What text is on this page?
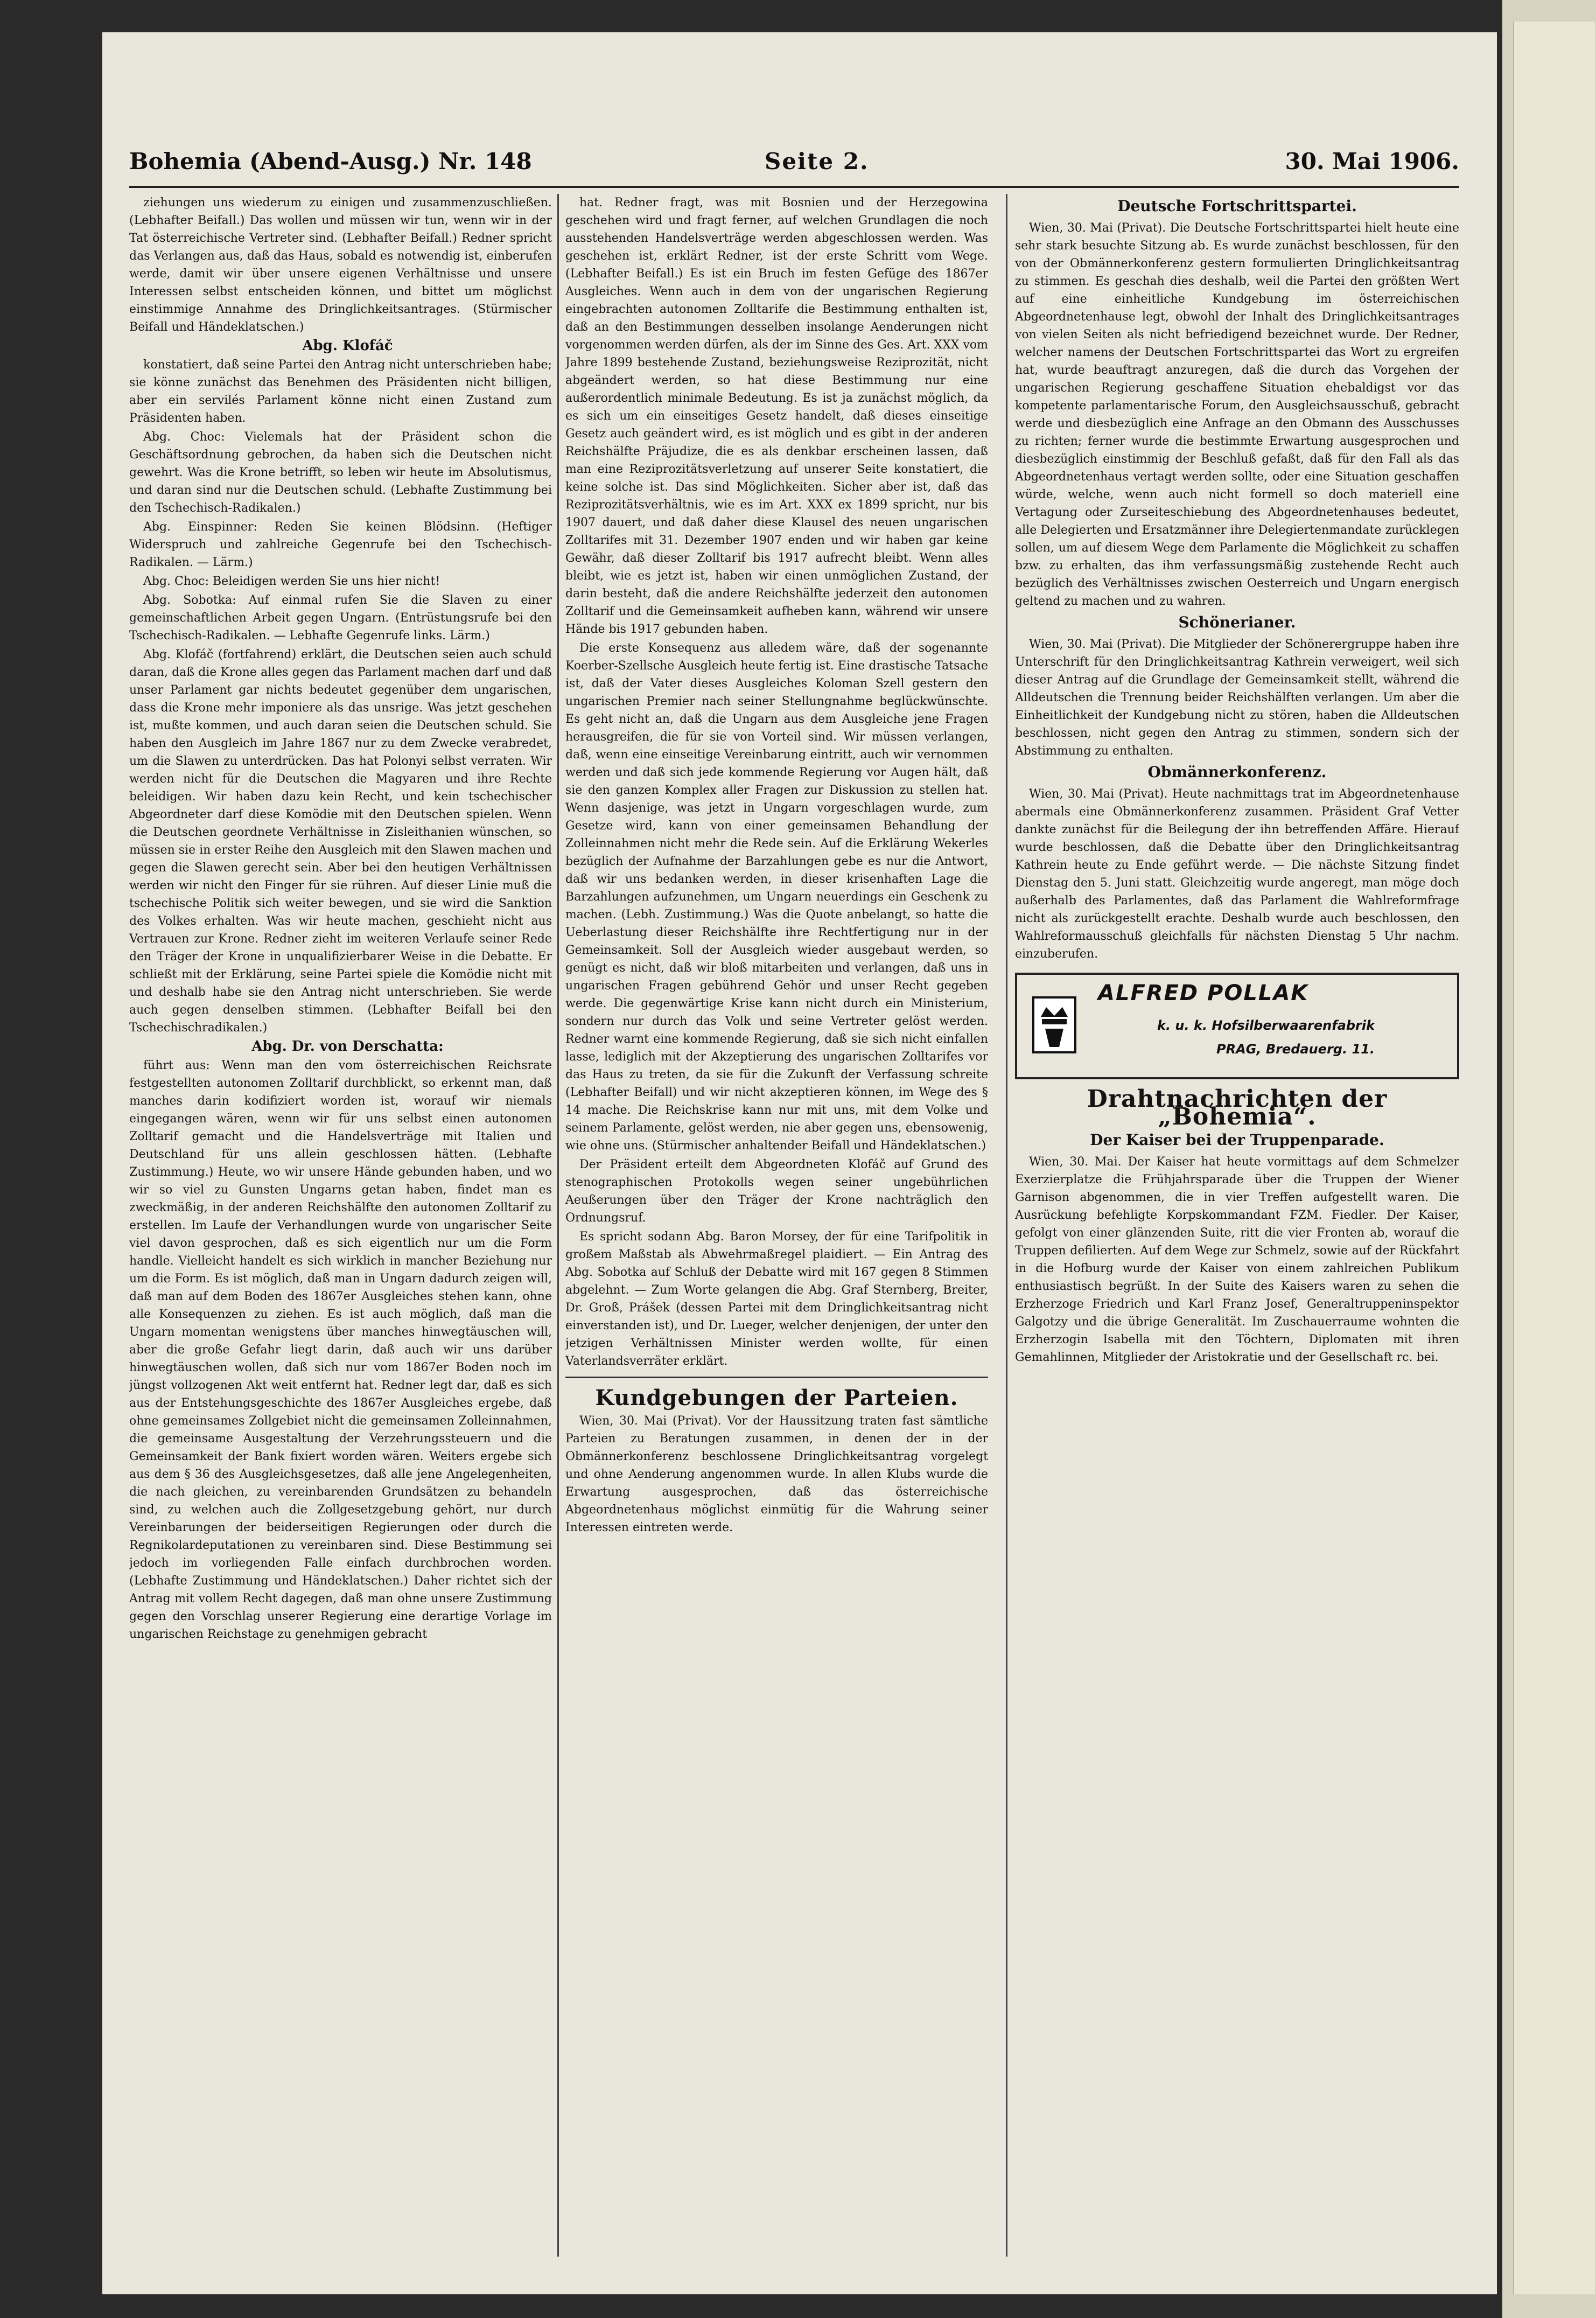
Bohemia (Abend-Ausg.) Nr. 148	Seite 2.	30. Mai 1906.

ziehungen uns wiederum zu einigen und zusammenzuschließen. (Lebhafter Beifall.) Das wollen und müssen wir tun, wenn wir in der Tat österreichische Vertreter sind. (Lebhafter Beifall.) Redner spricht das Verlangen aus, daß das Haus, sobald es notwendig ist, einberufen werde, damit wir über unsere eigenen Verhältnisse und unsere Interessen selbst entscheiden können, und bittet um möglichst einstimmige Annahme des Dringlichkeitsantrages. (Stürmischer Beifall und Händeklatschen.)

Abg. Klofáč

konstatiert, daß seine Partei den Antrag nicht unterschrieben habe; sie könne zunächst das Benehmen des Präsidenten nicht billigen, aber ein servilés Parlament könne nicht einen Zustand zum Präsidenten haben.

Abg. Choc: Vielemals hat der Präsident schon die Geschäftsordnung gebrochen, da haben sich die Deutschen nicht gewehrt. Was die Krone betrifft, so leben wir heute im Absolutismus, und daran sind nur die Deutschen schuld. (Lebhafte Zustimmung bei den Tschechisch-Radikalen.)

Abg. Einspinner: Reden Sie keinen Blödsinn. (Heftiger Widerspruch und zahlreiche Gegenrufe bei den Tschechisch-Radikalen. — Lärm.)

Abg. Choc: Beleidigen werden Sie uns hier nicht!

Abg. Sobotka: Auf einmal rufen Sie die Slaven zu einer gemeinschaftlichen Arbeit gegen Ungarn. (Entrüstungsrufe bei den Tschechisch-Radikalen. — Lebhafte Gegenrufe links. Lärm.)

Abg. Klofáč (fortfahrend) erklärt, die Deutschen seien auch schuld daran, daß die Krone alles gegen das Parlament machen darf und daß unser Parlament gar nichts bedeutet gegenüber dem ungarischen, dass die Krone mehr imponiere als das unsrige. Was jetzt geschehen ist, mußte kommen, und auch daran seien die Deutschen schuld. Sie haben den Ausgleich im Jahre 1867 nur zu dem Zwecke verabredet, um die Slawen zu unterdrücken. Das hat Polonyi selbst verraten. Wir werden nicht für die Deutschen die Magyaren und ihre Rechte beleidigen. Wir haben dazu kein Recht, und kein tschechischer Abgeordneter darf diese Komödie mit den Deutschen spielen. Wenn die Deutschen geordnete Verhältnisse in Zisleithanien wünschen, so müssen sie in erster Reihe den Ausgleich mit den Slawen machen und gegen die Slawen gerecht sein. Aber bei den heutigen Verhältnissen werden wir nicht den Finger für sie rühren. Auf dieser Linie muß die tschechische Politik sich weiter bewegen, und sie wird die Sanktion des Volkes erhalten. Was wir heute machen, geschieht nicht aus Vertrauen zur Krone. Redner zieht im weiteren Verlaufe seiner Rede den Träger der Krone in unqualifizierbarer Weise in die Debatte. Er schließt mit der Erklärung, seine Partei spiele die Komödie nicht mit und deshalb habe sie den Antrag nicht unterschrieben. Sie werde auch gegen denselben stimmen. (Lebhafter Beifall bei den Tschechischradikalen.)

Abg. Dr. von Derschatta:

führt aus: Wenn man den vom österreichischen Reichsrate festgestellten autonomen Zolltarif durchblickt, so erkennt man, daß manches darin kodifiziert worden ist, worauf wir niemals eingegangen wären, wenn wir für uns selbst einen autonomen Zolltarif gemacht und die Handelsverträge mit Italien und Deutschland für uns allein geschlossen hätten. (Lebhafte Zustimmung.) Heute, wo wir unsere Hände gebunden haben, und wo wir so viel zu Gunsten Ungarns getan haben, findet man es zweckmäßig, in der anderen Reichshälfte den autonomen Zolltarif zu erstellen. Im Laufe der Verhandlungen wurde von ungarischer Seite viel davon gesprochen, daß es sich eigentlich nur um die Form handle. Vielleicht handelt es sich wirklich in mancher Beziehung nur um die Form. Es ist möglich, daß man in Ungarn dadurch zeigen will, daß man auf dem Boden des 1867er Ausgleiches stehen kann, ohne alle Konsequenzen zu ziehen. Es ist auch möglich, daß man die Ungarn momentan wenigstens über manches hinwegtäuschen will, aber die große Gefahr liegt darin, daß auch wir uns darüber hinwegtäuschen wollen, daß sich nur vom 1867er Boden noch im jüngst vollzogenen Akt weit entfernt hat. Redner legt dar, daß es sich aus der Entstehungsgeschichte des 1867er Ausgleiches ergebe, daß ohne gemeinsames Zollgebiet nicht die gemeinsamen Zolleinnahmen, die gemeinsame Ausgestaltung der Verzehrungssteuern und die Gemeinsamkeit der Bank fixiert worden wären. Weiters ergebe sich aus dem § 36 des Ausgleichsgesetzes, daß alle jene Angelegenheiten, die nach gleichen, zu vereinbarenden Grundsätzen zu behandeln sind, zu welchen auch die Zollgesetzgebung gehört, nur durch Vereinbarungen der beiderseitigen Regierungen oder durch die Regnikolardeputationen zu vereinbaren sind. Diese Bestimmung sei jedoch im vorliegenden Falle einfach durchbrochen worden. (Lebhafte Zustimmung und Händeklatschen.) Daher richtet sich der Antrag mit vollem Recht dagegen, daß man ohne unsere Zustimmung gegen den Vorschlag unserer Regierung eine derartige Vorlage im ungarischen Reichstage zu genehmigen gebracht

hat. Redner fragt, was mit Bosnien und der Herzegowina geschehen wird und fragt ferner, auf welchen Grundlagen die noch ausstehenden Handelsverträge werden abgeschlossen werden. Was geschehen ist, erklärt Redner, ist der erste Schritt vom Wege. (Lebhafter Beifall.) Es ist ein Bruch im festen Gefüge des 1867er Ausgleiches. Wenn auch in dem von der ungarischen Regierung eingebrachten autonomen Zolltarife die Bestimmung enthalten ist, daß an den Bestimmungen desselben insolange Aenderungen nicht vorgenommen werden dürfen, als der im Sinne des Ges. Art. XXX vom Jahre 1899 bestehende Zustand, beziehungsweise Reziprozität, nicht abgeändert werden, so hat diese Bestimmung nur eine außerordentlich minimale Bedeutung. Es ist ja zunächst möglich, da es sich um ein einseitiges Gesetz handelt, daß dieses einseitige Gesetz auch geändert wird, es ist möglich und es gibt in der anderen Reichshälfte Präjudize, die es als denkbar erscheinen lassen, daß man eine Reziprozitätsverletzung auf unserer Seite konstatiert, die keine solche ist. Das sind Möglichkeiten. Sicher aber ist, daß das Reziprozitätsverhältnis, wie es im Art. XXX ex 1899 spricht, nur bis 1907 dauert, und daß daher diese Klausel des neuen ungarischen Zolltarifes mit 31. Dezember 1907 enden und wir haben gar keine Gewähr, daß dieser Zolltarif bis 1917 aufrecht bleibt. Wenn alles bleibt, wie es jetzt ist, haben wir einen unmöglichen Zustand, der darin besteht, daß die andere Reichshälfte jederzeit den autonomen Zolltarif und die Gemeinsamkeit aufheben kann, während wir unsere Hände bis 1917 gebunden haben.

Die erste Konsequenz aus alledem wäre, daß der sogenannte Koerber-Szellsche Ausgleich heute fertig ist. Eine drastische Tatsache ist, daß der Vater dieses Ausgleiches Koloman Szell gestern den ungarischen Premier nach seiner Stellungnahme beglückwünschte. Es geht nicht an, daß die Ungarn aus dem Ausgleiche jene Fragen herausgreifen, die für sie von Vorteil sind. Wir müssen verlangen, daß, wenn eine einseitige Vereinbarung eintritt, auch wir vernommen werden und daß sich jede kommende Regierung vor Augen hält, daß sie den ganzen Komplex aller Fragen zur Diskussion zu stellen hat. Wenn dasjenige, was jetzt in Ungarn vorgeschlagen wurde, zum Gesetze wird, kann von einer gemeinsamen Behandlung der Zolleinnahmen nicht mehr die Rede sein. Auf die Erklärung Wekerles bezüglich der Aufnahme der Barzahlungen gebe es nur die Antwort, daß wir uns bedanken werden, in dieser krisenhaften Lage die Barzahlungen aufzunehmen, um Ungarn neuerdings ein Geschenk zu machen. (Lebh. Zustimmung.) Was die Quote anbelangt, so hatte die Ueberlastung dieser Reichshälfte ihre Rechtfertigung nur in der Gemeinsamkeit. Soll der Ausgleich wieder ausgebaut werden, so genügt es nicht, daß wir bloß mitarbeiten und verlangen, daß uns in ungarischen Fragen gebührend Gehör und unser Recht gegeben werde. Die gegenwärtige Krise kann nicht durch ein Ministerium, sondern nur durch das Volk und seine Vertreter gelöst werden. Redner warnt eine kommende Regierung, daß sie sich nicht einfallen lasse, lediglich mit der Akzeptierung des ungarischen Zolltarifes vor das Haus zu treten, da sie für die Zukunft der Verfassung schreite (Lebhafter Beifall) und wir nicht akzeptieren können, im Wege des § 14 mache. Die Reichskrise kann nur mit uns, mit dem Volke und seinem Parlamente, gelöst werden, nie aber gegen uns, ebensowenig, wie ohne uns. (Stürmischer anhaltender Beifall und Händeklatschen.)

Der Präsident erteilt dem Abgeordneten Klofáč auf Grund des stenographischen Protokolls wegen seiner ungebührlichen Aeußerungen über den Träger der Krone nachträglich den Ordnungsruf.

Es spricht sodann Abg. Baron Morsey, der für eine Tarifpolitik in großem Maßstab als Abwehrmaßregel plaidiert. — Ein Antrag des Abg. Sobotka auf Schluß der Debatte wird mit 167 gegen 8 Stimmen abgelehnt. — Zum Worte gelangen die Abg. Graf Sternberg, Breiter, Dr. Groß, Prášek (dessen Partei mit dem Dringlichkeitsantrag nicht einverstanden ist), und Dr. Lueger, welcher denjenigen, der unter den jetzigen Verhältnissen Minister werden wollte, für einen Vaterlandsverräter erklärt.

Kundgebungen der Parteien.

Wien, 30. Mai (Privat). Vor der Haussitzung traten fast sämtliche Parteien zu Beratungen zusammen, in denen der in der Obmännerkonferenz beschlossene Dringlichkeitsantrag vorgelegt und ohne Aenderung angenommen wurde. In allen Klubs wurde die Erwartung ausgesprochen, daß das österreichische Abgeordnetenhaus möglichst einmütig für die Wahrung seiner Interessen eintreten werde.

Deutsche Fortschrittspartei.

Wien, 30. Mai (Privat). Die Deutsche Fortschrittspartei hielt heute eine sehr stark besuchte Sitzung ab. Es wurde zunächst beschlossen, für den von der Obmännerkonferenz gestern formulierten Dringlichkeitsantrag zu stimmen. Es geschah dies deshalb, weil die Partei den größten Wert auf eine einheitliche Kundgebung im österreichischen Abgeordnetenhause legt, obwohl der Inhalt des Dringlichkeitsantrages von vielen Seiten als nicht befriedigend bezeichnet wurde. Der Redner, welcher namens der Deutschen Fortschrittspartei das Wort zu ergreifen hat, wurde beauftragt anzuregen, daß die durch das Vorgehen der ungarischen Regierung geschaffene Situation ehebaldigst vor das kompetente parlamentarische Forum, den Ausgleichsausschuß, gebracht werde und diesbezüglich eine Anfrage an den Obmann des Ausschusses zu richten; ferner wurde die bestimmte Erwartung ausgesprochen und diesbezüglich einstimmig der Beschluß gefaßt, daß für den Fall als das Abgeordnetenhaus vertagt werden sollte, oder eine Situation geschaffen würde, welche, wenn auch nicht formell so doch materiell eine Vertagung oder Zurseiteschiebung des Abgeordnetenhauses bedeutet, alle Delegierten und Ersatzmänner ihre Delegiertenmandate zurücklegen sollen, um auf diesem Wege dem Parlamente die Möglichkeit zu schaffen bzw. zu erhalten, das ihm verfassungsmäßig zustehende Recht auch bezüglich des Verhältnisses zwischen Oesterreich und Ungarn energisch geltend zu machen und zu wahren.

Schönerianer.

Wien, 30. Mai (Privat). Die Mitglieder der Schönerergruppe haben ihre Unterschrift für den Dringlichkeitsantrag Kathrein verweigert, weil sich dieser Antrag auf die Grundlage der Gemeinsamkeit stellt, während die Alldeutschen die Trennung beider Reichshälften verlangen. Um aber die Einheitlichkeit der Kundgebung nicht zu stören, haben die Alldeutschen beschlossen, nicht gegen den Antrag zu stimmen, sondern sich der Abstimmung zu enthalten.

Obmännerkonferenz.

Wien, 30. Mai (Privat). Heute nachmittags trat im Abgeordnetenhause abermals eine Obmännerkonferenz zusammen. Präsident Graf Vetter dankte zunächst für die Beilegung der ihn betreffenden Affäre. Hierauf wurde beschlossen, daß die Debatte über den Dringlichkeitsantrag Kathrein heute zu Ende geführt werde. — Die nächste Sitzung findet Dienstag den 5. Juni statt. Gleichzeitig wurde angeregt, man möge doch außerhalb des Parlamentes, daß das Parlament die Wahlreformfrage nicht als zurückgestellt erachte. Deshalb wurde auch beschlossen, den Wahlreformausschuß gleichfalls für nächsten Dienstag 5 Uhr nachm. einzuberufen.

ALFRED POLLAK
k. u. k. Hofsilberwaarenfabrik
PRAG, Bredauerg. 11.
Drahtnachrichten der „Bohemia“.
Der Kaiser bei der Truppenparade.

Wien, 30. Mai. Der Kaiser hat heute vormittags auf dem Schmelzer Exerzierplatze die Frühjahrsparade über die Truppen der Wiener Garnison abgenommen, die in vier Treffen aufgestellt waren. Die Ausrückung befehligte Korpskommandant FZM. Fiedler. Der Kaiser, gefolgt von einer glänzenden Suite, ritt die vier Fronten ab, worauf die Truppen defilierten. Auf dem Wege zur Schmelz, sowie auf der Rückfahrt in die Hofburg wurde der Kaiser von einem zahlreichen Publikum enthusiastisch begrüßt. In der Suite des Kaisers waren zu sehen die Erzherzoge Friedrich und Karl Franz Josef, Generaltruppeninspektor Galgotzy und die übrige Generalität. Im Zuschauerraume wohnten die Erzherzogin Isabella mit den Töchtern, Diplomaten mit ihren Gemahlinnen, Mitglieder der Aristokratie und der Gesellschaft rc. bei.
